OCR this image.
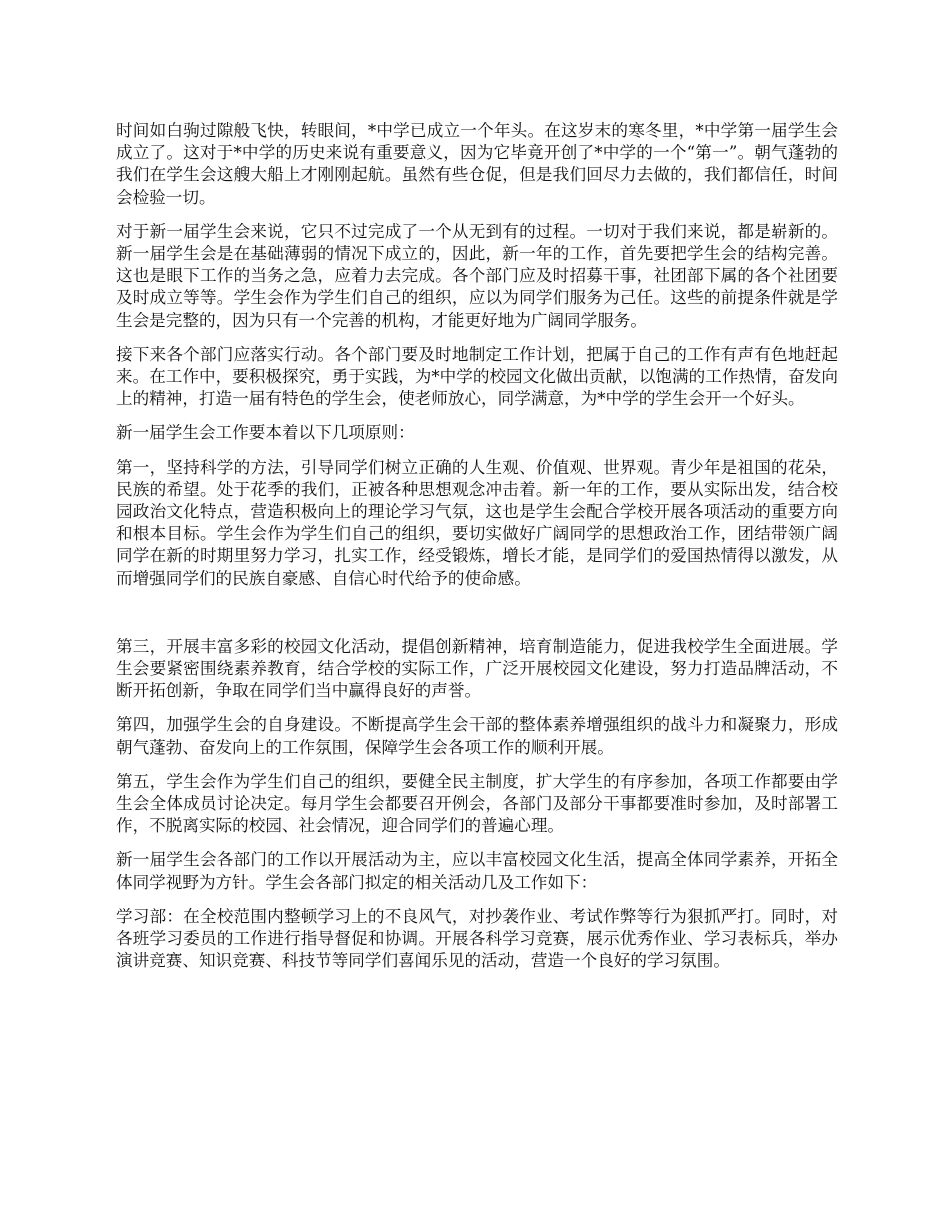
时间如白驹过隙般飞快，转眼间，*中学已成立一个年头。在这岁末的寒冬里，*中学第一届学生会成立了。这对于*中学的历史来说有重要意义，因为它毕竟开创了*中学的一个“第一”。朝气蓬勃的我们在学生会这艘大船上才刚刚起航。虽然有些仓促，但是我们回尽力去做的，我们都信任，时间会检验一切。

对于新一届学生会来说，它只不过完成了一个从无到有的过程。一切对于我们来说，都是崭新的。新一届学生会是在基础薄弱的情况下成立的，因此，新一年的工作，首先要把学生会的结构完善。这也是眼下工作的当务之急，应着力去完成。各个部门应及时招募干事，社团部下属的各个社团要及时成立等等。学生会作为学生们自己的组织，应以为同学们服务为己任。这些的前提条件就是学生会是完整的，因为只有一个完善的机构，才能更好地为广阔同学服务。

接下来各个部门应落实行动。各个部门要及时地制定工作计划，把属于自己的工作有声有色地赶起来。在工作中，要积极探究，勇于实践，为*中学的校园文化做出贡献，以饱满的工作热情，奋发向上的精神，打造一届有特色的学生会，使老师放心，同学满意，为*中学的学生会开一个好头。

新一届学生会工作要本着以下几项原则：

第一，坚持科学的方法，引导同学们树立正确的人生观、价值观、世界观。青少年是祖国的花朵，民族的希望。处于花季的我们，正被各种思想观念冲击着。新一年的工作，要从实际出发，结合校园政治文化特点，营造积极向上的理论学习气氛，这也是学生会配合学校开展各项活动的重要方向和根本目标。学生会作为学生们自己的组织，要切实做好广阔同学的思想政治工作，团结带领广阔同学在新的时期里努力学习，扎实工作，经受锻炼，增长才能，是同学们的爱国热情得以激发，从而增强同学们的民族自豪感、自信心时代给予的使命感。

第三，开展丰富多彩的校园文化活动，提倡创新精神，培育制造能力，促进我校学生全面进展。学生会要紧密围绕素养教育，结合学校的实际工作，广泛开展校园文化建设，努力打造品牌活动，不断开拓创新，争取在同学们当中赢得良好的声誉。

第四，加强学生会的自身建设。不断提高学生会干部的整体素养增强组织的战斗力和凝聚力，形成朝气蓬勃、奋发向上的工作氛围，保障学生会各项工作的顺利开展。

第五，学生会作为学生们自己的组织，要健全民主制度，扩大学生的有序参加，各项工作都要由学生会全体成员讨论决定。每月学生会都要召开例会，各部门及部分干事都要准时参加，及时部署工作，不脱离实际的校园、社会情况，迎合同学们的普遍心理。

新一届学生会各部门的工作以开展活动为主，应以丰富校园文化生活，提高全体同学素养，开拓全体同学视野为方针。学生会各部门拟定的相关活动几及工作如下：

学习部：在全校范围内整顿学习上的不良风气，对抄袭作业、考试作弊等行为狠抓严打。同时，对各班学习委员的工作进行指导督促和协调。开展各科学习竞赛，展示优秀作业、学习表标兵，举办演讲竞赛、知识竞赛、科技节等同学们喜闻乐见的活动，营造一个良好的学习氛围。
